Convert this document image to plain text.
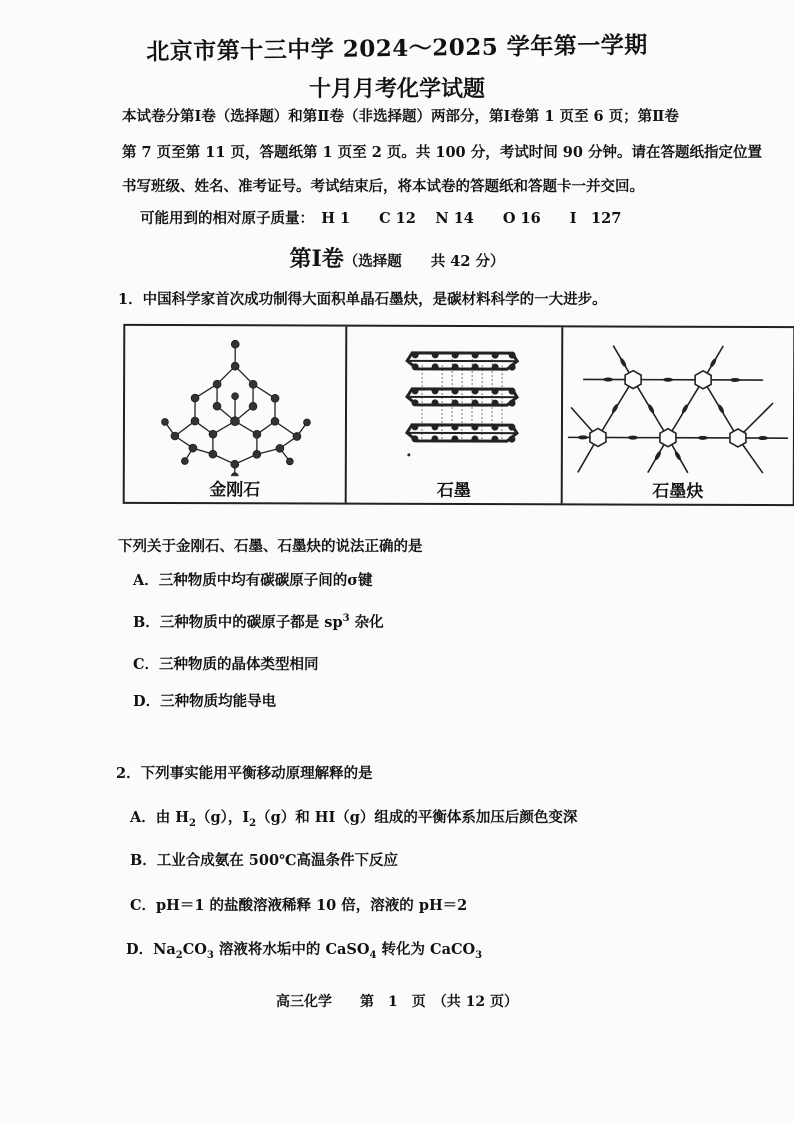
北京市第十三中学 2024～2025 学年第一学期
十月月考化学试题
本试卷分第Ⅰ卷（选择题）和第Ⅱ卷（非选择题）两部分，第Ⅰ卷第 1 页至 6 页；第Ⅱ卷
第 7 页至第 11 页，答题纸第 1 页至 2 页。共 100 分，考试时间 90 分钟。请在答题纸指定位置
书写班级、姓名、准考证号。考试结束后，将本试卷的答题纸和答题卡一并交回。
可能用到的相对原子质量：　H 1　　C 12　 N 14　　O 16　　I　127
第Ⅰ卷（选择题　　共 42 分）
1．中国科学家首次成功制得大面积单晶石墨炔，是碳材料科学的一大进步。
金刚石	石墨	石墨炔
下列关于金刚石、石墨、石墨炔的说法正确的是
A．三种物质中均有碳碳原子间的σ键
B．三种物质中的碳原子都是 $sp^3$ 杂化
C．三种物质的晶体类型相同
D．三种物质均能导电
2．下列事实能用平衡移动原理解释的是
A．由 $H_2(g)$，$I_2(g)$和 HI（g）组成的平衡体系加压后颜色变深
B．工业合成氨在 500℃高温条件下反应
C．pH＝1 的盐酸溶液稀释 10 倍，溶液的 pH＝2
D．$Na_2CO_3$ 溶液将水垢中的 CaSO$_4$ 转化为 CaCO$_3$
高三化学　　第　1　页　（共 12 页）
